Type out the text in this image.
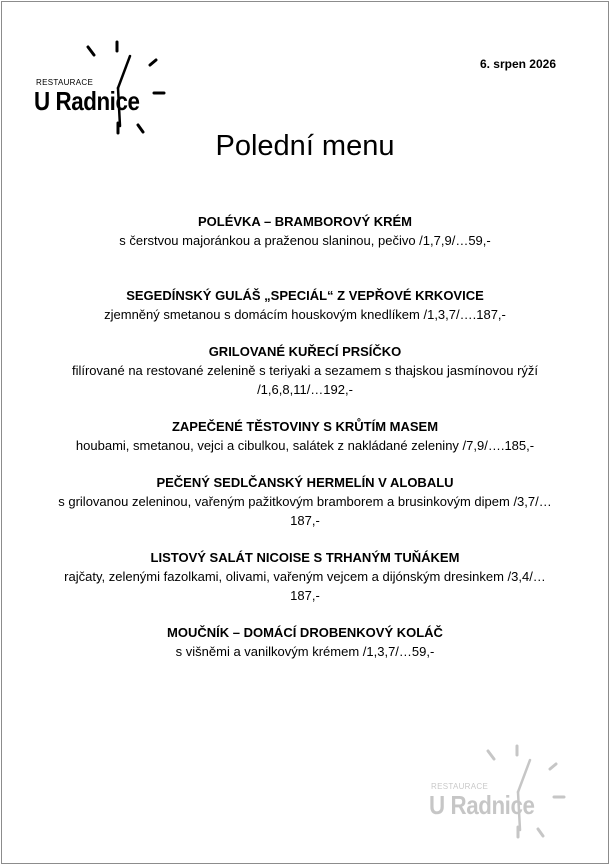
RESTAURACE
U Radnice
6. srpen 2026
Polední menu
POLÉVKA – BRAMBOROVÝ KRÉM
s čerstvou majoránkou a praženou slaninou, pečivo /1,7,9/…59,-
SEGEDÍNSKÝ GULÁŠ „SPECIÁL“ Z VEPŘOVÉ KRKOVICE
zjemněný smetanou s domácím houskovým knedlíkem /1,3,7/….187,-
GRILOVANÉ KUŘECÍ PRSÍČKO
filírované na restované zelenině s teriyaki a sezamem s thajskou jasmínovou rýží /1,6,8,11/…192,-
ZAPEČENÉ TĚSTOVINY S KRŮTÍM MASEM
houbami, smetanou, vejci a cibulkou, salátek z nakládané zeleniny /7,9/….185,-
PEČENÝ SEDLČANSKÝ HERMELÍN V ALOBALU
s grilovanou zeleninou, vařeným pažitkovým bramborem a brusinkovým dipem /3,7/…187,-
LISTOVÝ SALÁT NICOISE S TRHANÝM TUŇÁKEM
rajčaty, zelenými fazolkami, olivami, vařeným vejcem a dijónským dresinkem /3,4/…187,-
MOUČNÍK – DOMÁCÍ DROBENKOVÝ KOLÁČ
s višněmi a vanilkovým krémem /1,3,7/…59,-
RESTAURACE
U Radnice
